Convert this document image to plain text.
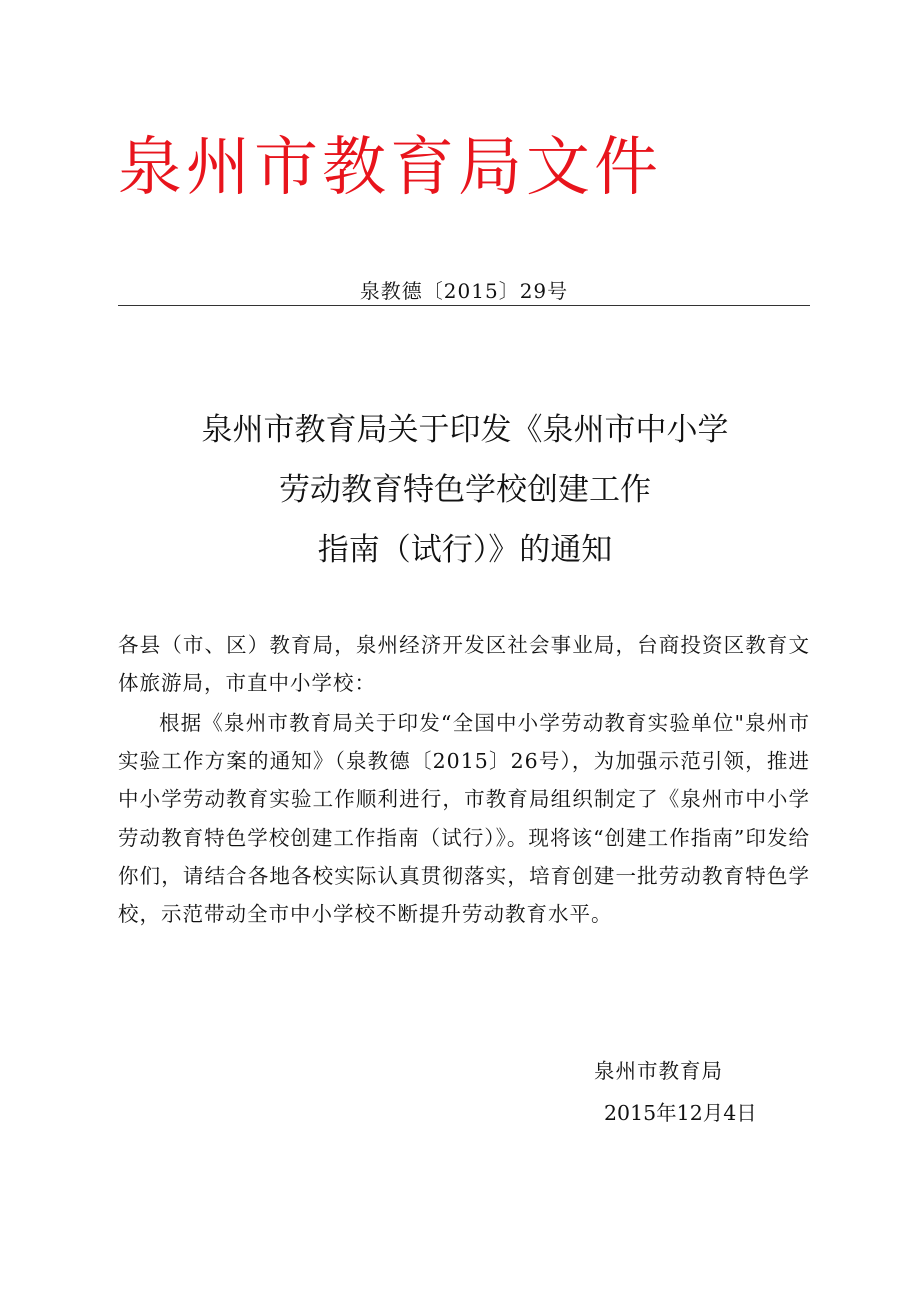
泉州市教育局文件
泉教德〔2015〕29号
泉州市教育局关于印发《泉州市中小学
劳动教育特色学校创建工作
指南（试行）》的通知
各县（市、区）教育局，泉州经济开发区社会事业局，台商投资区教育文体旅游局，市直中小学校：
根据《泉州市教育局关于印发“全国中小学劳动教育实验单位"泉州市实验工作方案的通知》（泉教德〔2015〕26号），为加强示范引领，推进中小学劳动教育实验工作顺利进行，市教育局组织制定了《泉州市中小学劳动教育特色学校创建工作指南（试行）》。现将该“创建工作指南”印发给你们，请结合各地各校实际认真贯彻落实，培育创建一批劳动教育特色学校，示范带动全市中小学校不断提升劳动教育水平。
泉州市教育局
2015年12月4日
